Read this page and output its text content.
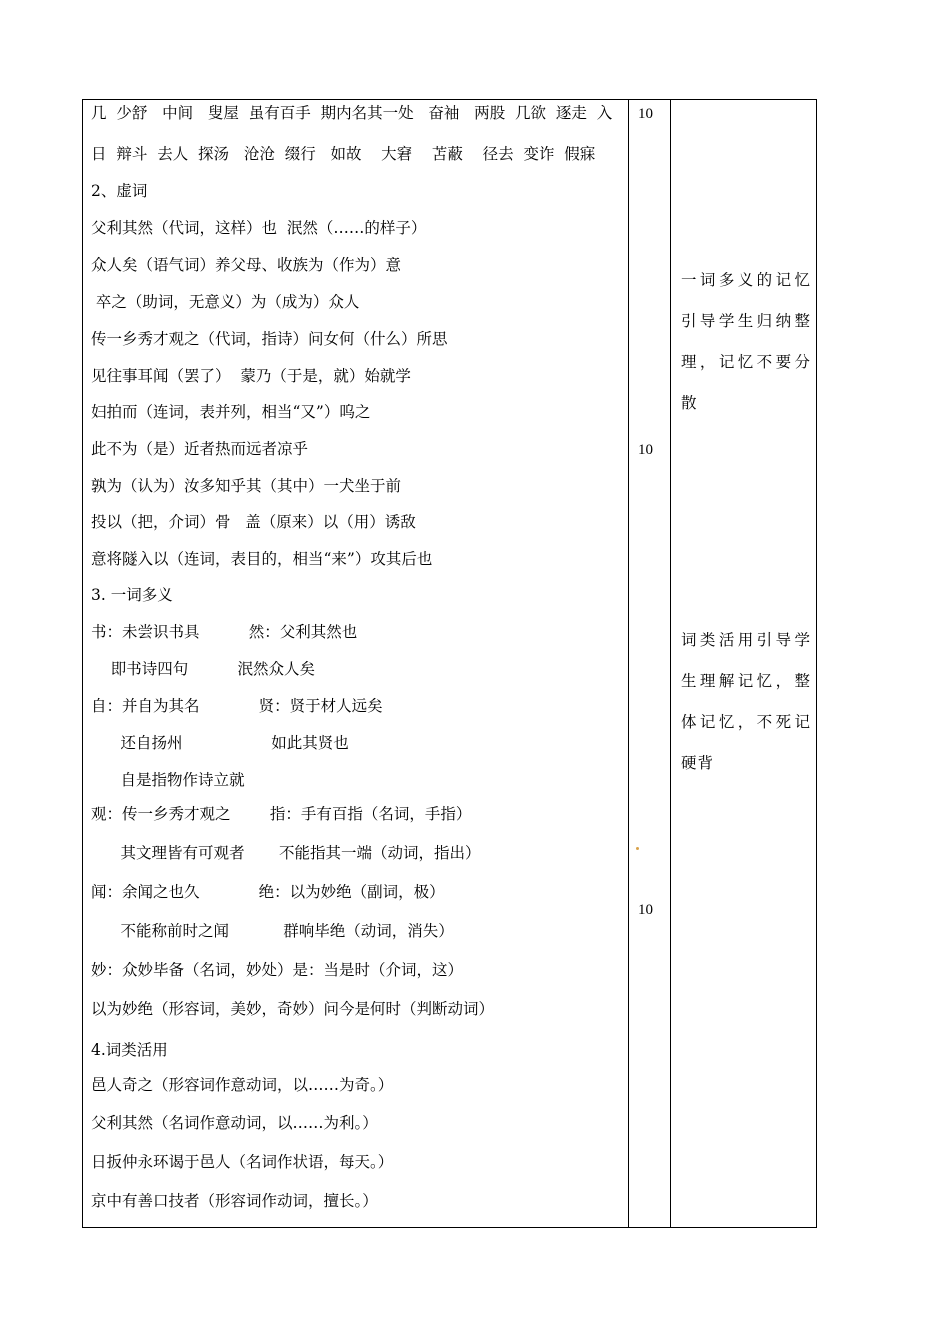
几  少舒   中间   叟屋  虽有百手  期内名其一处   奋袖   两股  几欲  逐走  入
日  辩斗  去人  探汤   沧沧  缀行   如故    大窘    苫蔽    径去  变诈  假寐
2、虚词
父利其然（代词，这样）也  泯然（……的样子）
众人矣（语气词）养父母、收族为（作为）意
卒之（助词，无意义）为（成为）众人
传一乡秀才观之（代词，指诗）问女何（什么）所思
见往事耳闻（罢了）  蒙乃（于是，就）始就学
妇拍而（连词，表并列，相当“又”）呜之
此不为（是）近者热而远者凉乎
孰为（认为）汝多知乎其（其中）一犬坐于前
投以（把，介词）骨   盖（原来）以（用）诱敌
意将隧入以（连词，表目的，相当“来”）攻其后也
3. 一词多义
书：未尝识书具          然：父利其然也
即书诗四句          泯然众人矣
自：并自为其名            贤：贤于材人远矣
还自扬州                  如此其贤也
自是指物作诗立就
观：传一乡秀才观之        指：手有百指（名词，手指）
其文理皆有可观者       不能指其一端（动词，指出）
闻：余闻之也久            绝：以为妙绝（副词，极）
不能称前时之闻           群响毕绝（动词，消失）
妙：众妙毕备（名词，妙处）是：当是时（介词，这）
以为妙绝（形容词，美妙，奇妙）问今是何时（判断动词）
4.词类活用
邑人奇之（形容词作意动词，以……为奇。）
父利其然（名词作意动词，以……为利。）
日扳仲永环谒于邑人（名词作状语，每天。）
京中有善口技者（形容词作动词，擅长。）
10
10
10
一词多义的记忆引导学生归纳整理，记忆不要分散
词类活用引导学生理解记忆，整体记忆，不死记硬背
